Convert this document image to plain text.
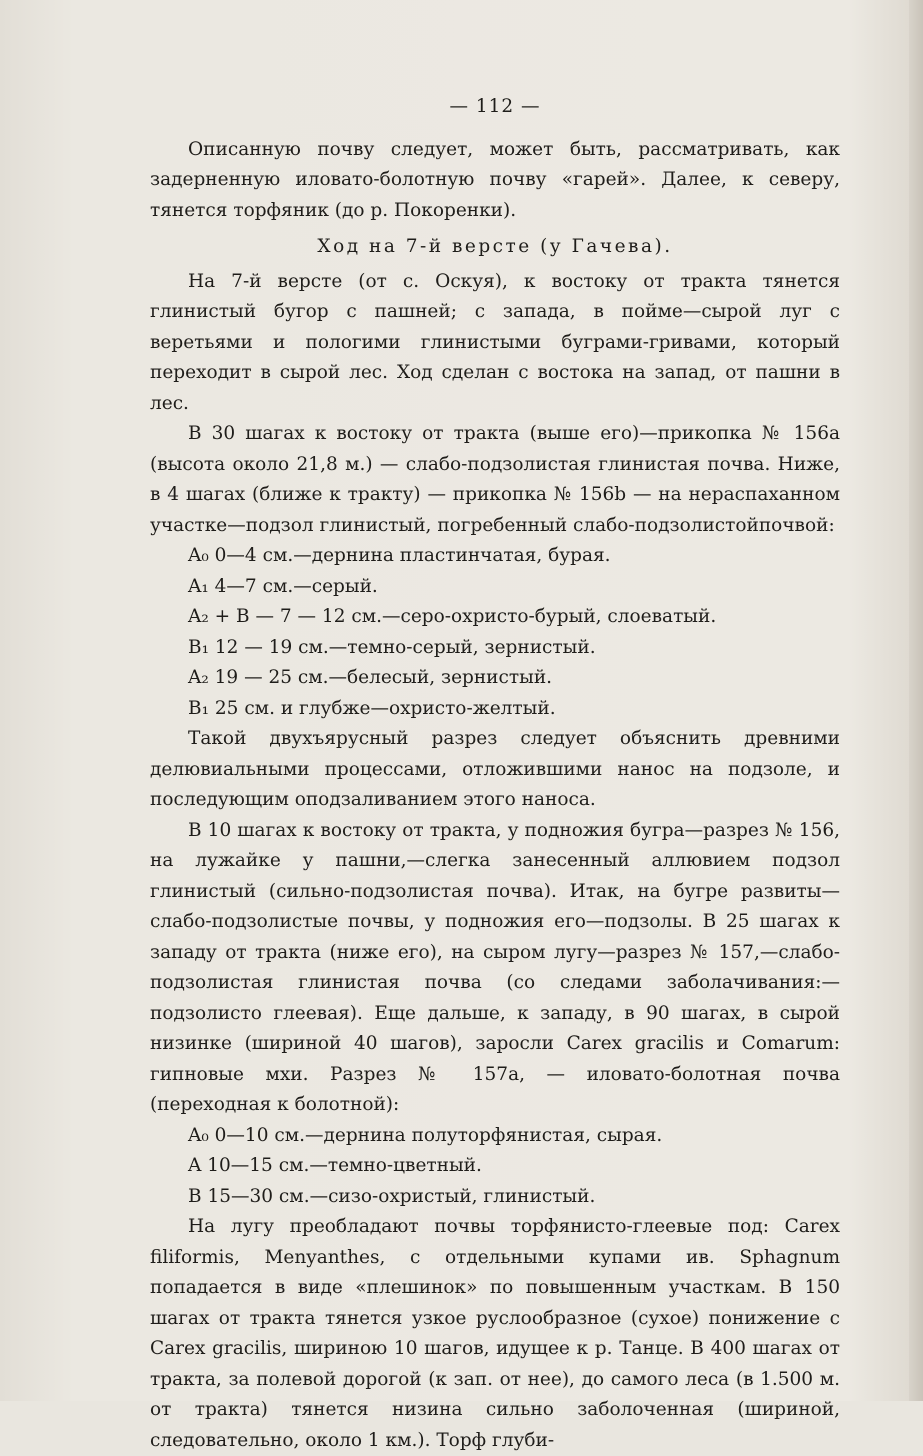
— 112 —

Описанную почву следует, может быть, рассматривать, как задерненную иловато-болотную почву «гарей». Далее, к северу, тянется торфяник (до р. Покоренки).

Ход на 7-й версте (у Гачева).

На 7-й версте (от с. Оскуя), к востоку от тракта тянется глинистый бугор с пашней; с запада, в пойме—сырой луг с веретьями и пологими глинистыми буграми-гривами, который переходит в сырой лес. Ход сделан с востока на запад, от пашни в лес.

В 30 шагах к востоку от тракта (выше его)—прикопка № 156a (высота около 21,8 м.) — слабо-подзолистая глинистая почва. Ниже, в 4 шагах (ближе к тракту) — прикопка № 156b — на нераспаханном участке—подзол глинистый, погребенный слабо-подзолистойпочвой:

A₀ 0—4 см.—дернина пластинчатая, бурая.
A₁ 4—7 см.—серый.
A₂ + B — 7 — 12 см.—серо-охристо-бурый, слоеватый.
B₁ 12 — 19 см.—темно-серый, зернистый.
A₂ 19 — 25 см.—белесый, зернистый.
B₁ 25 см. и глубже—охристо-желтый.

Такой двухъярусный разрез следует объяснить древними делювиальными процессами, отложившими нанос на подзоле, и последующим оподзаливанием этого наноса.

В 10 шагах к востоку от тракта, у подножия бугра—разрез № 156, на лужайке у пашни,—слегка занесенный аллювием подзол глинистый (сильно-подзолистая почва). Итак, на бугре развиты—слабо-подзолистые почвы, у подножия его—подзолы. В 25 шагах к западу от тракта (ниже его), на сыром лугу—разрез № 157,—слабо-подзолистая глинистая почва (со следами заболачивания:—подзолисто глеевая). Еще дальше, к западу, в 90 шагах, в сырой низинке (шириной 40 шагов), заросли Carex gracilis и Comarum: гипновые мхи. Разрез № 157a, — иловато-болотная почва (переходная к болотной):

A₀ 0—10 см.—дернина полуторфянистая, сырая.
A 10—15 см.—темно-цветный.
B 15—30 см.—сизо-охристый, глинистый.

На лугу преобладают почвы торфянисто-глеевые под: Carex filiformis, Menyanthes, с отдельными купами ив. Sphagnum попадается в виде «плешинок» по повышенным участкам. В 150 шагах от тракта тянется узкое руслообразное (сухое) понижение с Carex gracilis, шириною 10 шагов, идущее к р. Танце. В 400 шагах от тракта, за полевой дорогой (к зап. от нее), до самого леса (в 1.500 м. от тракта) тянется низина сильно заболоченная (шириной, следовательно, около 1 км.). Торф глуби-
